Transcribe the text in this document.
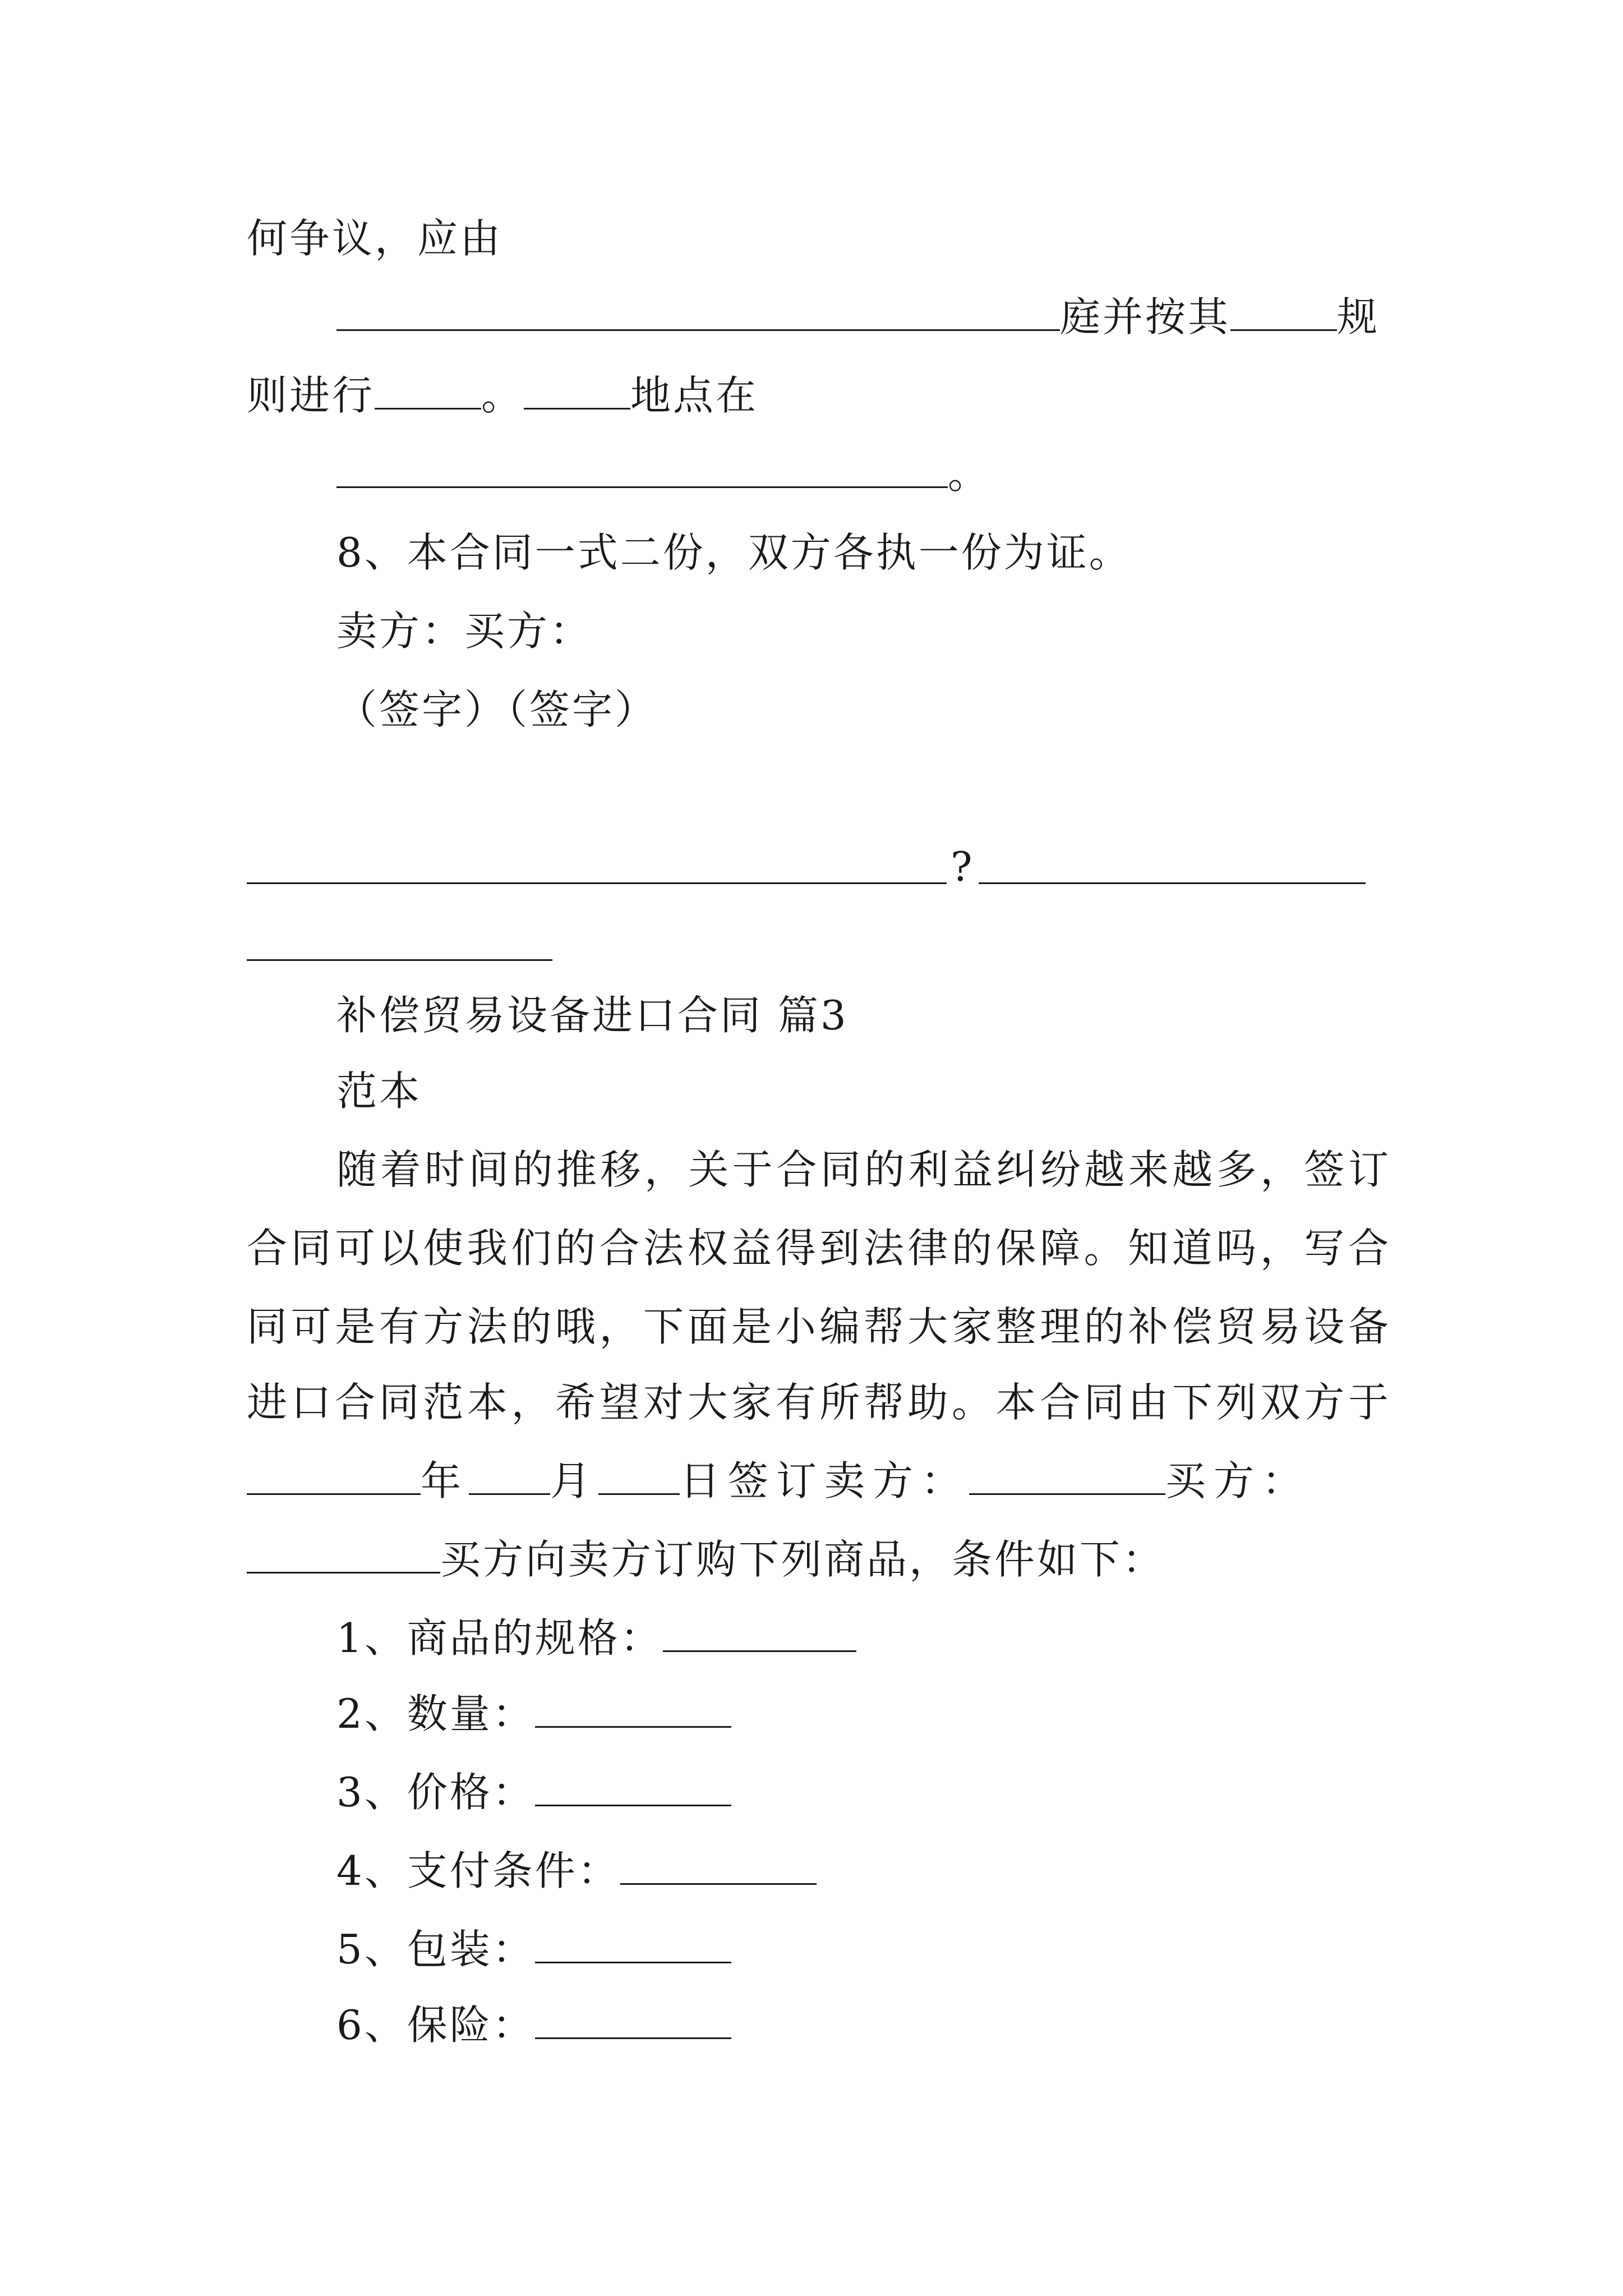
何争议，应由
庭并按其	规
则进行	。	地点在
。
8、本合同一式二份，双方各执一份为证。
卖方：买方：
（签字）（签字）
?
补偿贸易设备进口合同 篇3
范本
随着时间的推移，关于合同的利益纠纷越来越多，签订
合同可以使我们的合法权益得到法律的保障。知道吗，写合
同可是有方法的哦，下面是小编帮大家整理的补偿贸易设备
进口合同范本，希望对大家有所帮助。本合同由下列双方于
年 月 日签订卖方：	买方：
买方向卖方订购下列商品，条件如下：
1、商品的规格：
2、数量：
3、价格：
4、支付条件：
5、包装：
6、保险：
